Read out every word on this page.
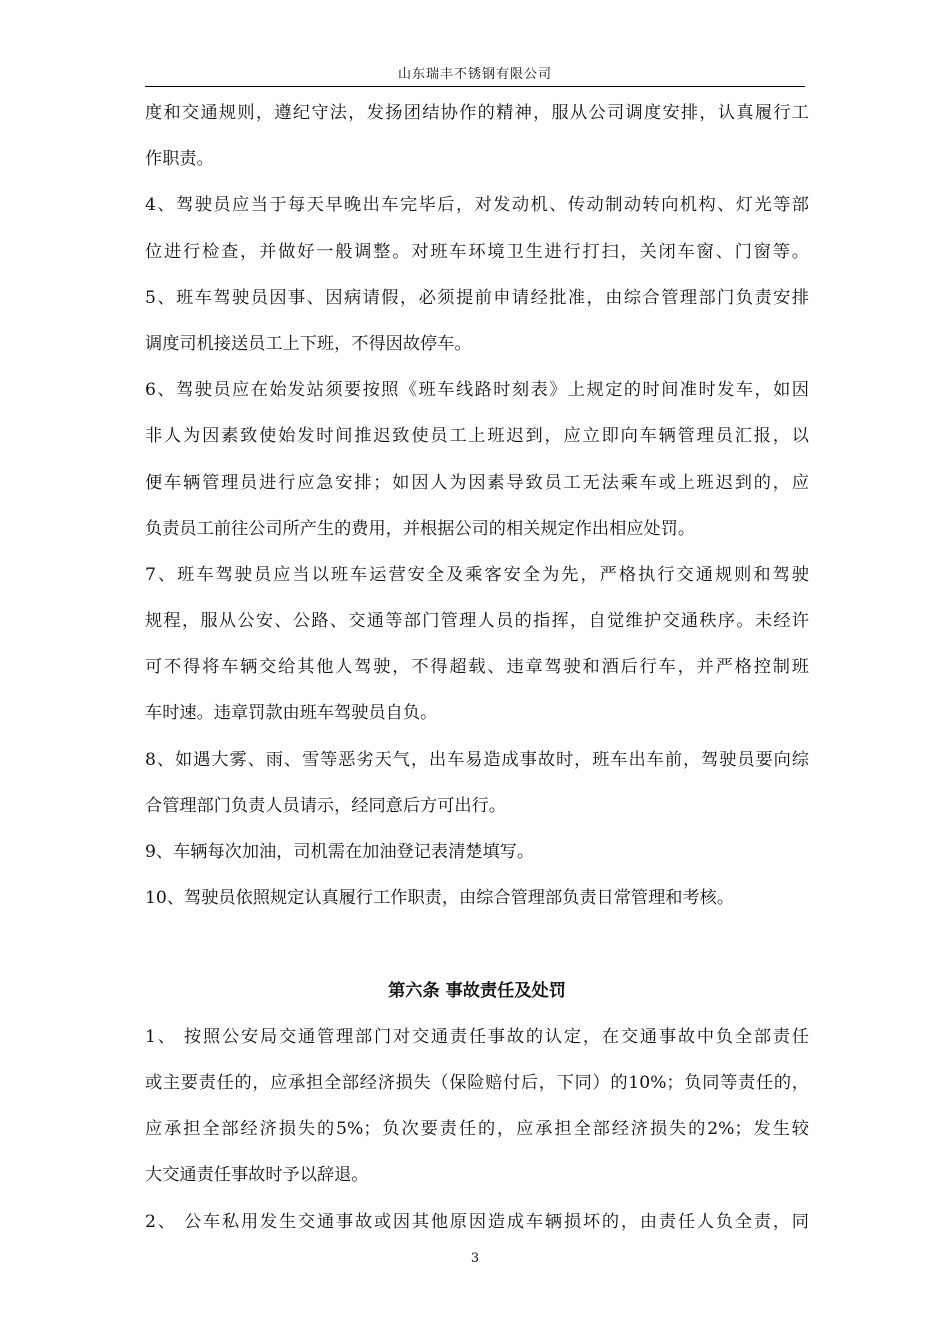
山东瑞丰不锈钢有限公司
度和交通规则，遵纪守法，发扬团结协作的精神，服从公司调度安排，认真履行工
作职责。
4、驾驶员应当于每天早晚出车完毕后，对发动机、传动制动转向机构、灯光等部
位进行检查，并做好一般调整。对班车环境卫生进行打扫，关闭车窗、门窗等。
5、班车驾驶员因事、因病请假，必须提前申请经批准，由综合管理部门负责安排
调度司机接送员工上下班，不得因故停车。
6、驾驶员应在始发站须要按照《班车线路时刻表》上规定的时间准时发车，如因
非人为因素致使始发时间推迟致使员工上班迟到，应立即向车辆管理员汇报，以
便车辆管理员进行应急安排；如因人为因素导致员工无法乘车或上班迟到的，应
负责员工前往公司所产生的费用，并根据公司的相关规定作出相应处罚。
7、班车驾驶员应当以班车运营安全及乘客安全为先，严格执行交通规则和驾驶
规程，服从公安、公路、交通等部门管理人员的指挥，自觉维护交通秩序。未经许
可不得将车辆交给其他人驾驶，不得超载、违章驾驶和酒后行车，并严格控制班
车时速。违章罚款由班车驾驶员自负。
8、如遇大雾、雨、雪等恶劣天气，出车易造成事故时，班车出车前，驾驶员要向综
合管理部门负责人员请示，经同意后方可出行。
9、车辆每次加油，司机需在加油登记表清楚填写。
10、驾驶员依照规定认真履行工作职责，由综合管理部负责日常管理和考核。
第六条 事故责任及处罚
1、 按照公安局交通管理部门对交通责任事故的认定，在交通事故中负全部责任
或主要责任的，应承担全部经济损失（保险赔付后，下同）的10%；负同等责任的，
应承担全部经济损失的5%；负次要责任的，应承担全部经济损失的2%；发生较
大交通责任事故时予以辞退。
2、 公车私用发生交通事故或因其他原因造成车辆损坏的，由责任人负全责，同
3
